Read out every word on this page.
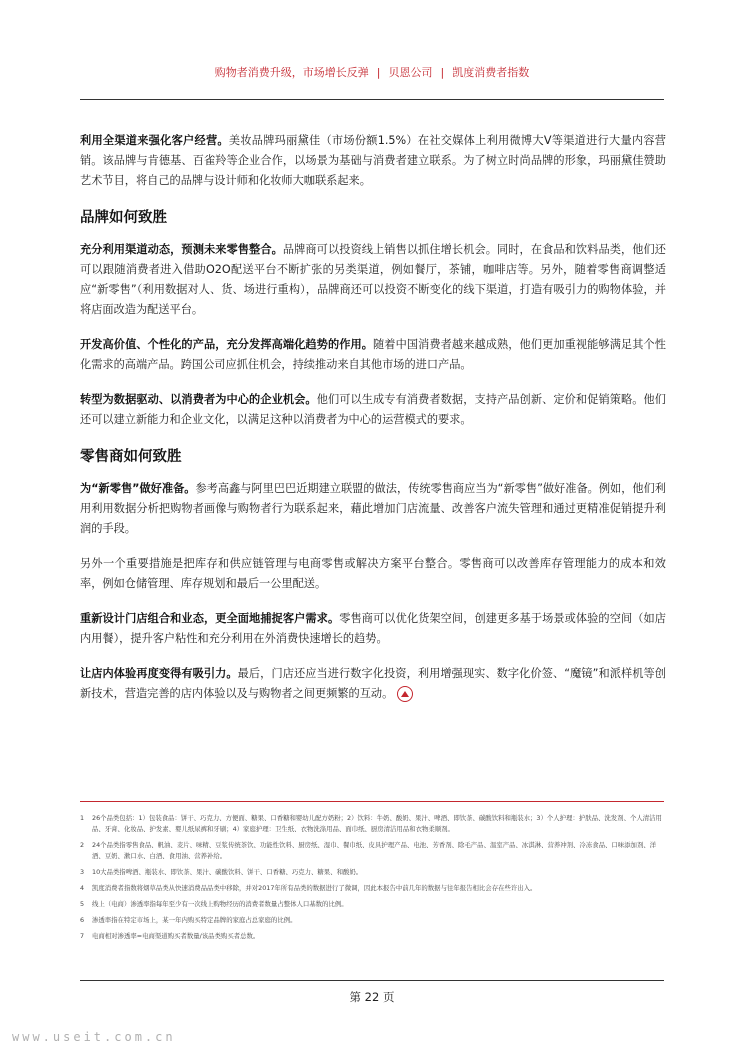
购物者消费升级，市场增长反弹 | 贝恩公司 | 凯度消费者指数

利用全渠道来强化客户经营。美妆品牌玛丽黛佳（市场份额1.5%）在社交媒体上利用微博大V等渠道进行大量内容营销。该品牌与肯德基、百雀羚等企业合作，以场景为基础与消费者建立联系。为了树立时尚品牌的形象，玛丽黛佳赞助艺术节目，将自己的品牌与设计师和化妆师大咖联系起来。

品牌如何致胜

充分利用渠道动态，预测未来零售整合。品牌商可以投资线上销售以抓住增长机会。同时，在食品和饮料品类，他们还可以跟随消费者进入借助O2O配送平台不断扩张的另类渠道，例如餐厅，茶铺，咖啡店等。另外，随着零售商调整适应“新零售”（利用数据对人、货、场进行重构），品牌商还可以投资不断变化的线下渠道，打造有吸引力的购物体验，并将店面改造为配送平台。

开发高价值、个性化的产品，充分发挥高端化趋势的作用。随着中国消费者越来越成熟，他们更加重视能够满足其个性化需求的高端产品。跨国公司应抓住机会，持续推动来自其他市场的进口产品。

转型为数据驱动、以消费者为中心的企业机会。他们可以生成专有消费者数据，支持产品创新、定价和促销策略。他们还可以建立新能力和企业文化，以满足这种以消费者为中心的运营模式的要求。

零售商如何致胜

为“新零售”做好准备。参考高鑫与阿里巴巴近期建立联盟的做法，传统零售商应当为“新零售”做好准备。例如，他们利用利用数据分析把购物者画像与购物者行为联系起来，藉此增加门店流量、改善客户流失管理和通过更精准促销提升利润的手段。

另外一个重要措施是把库存和供应链管理与电商零售或解决方案平台整合。零售商可以改善库存管理能力的成本和效率，例如仓储管理、库存规划和最后一公里配送。

重新设计门店组合和业态，更全面地捕捉客户需求。零售商可以优化货架空间，创建更多基于场景或体验的空间（如店内用餐），提升客户粘性和充分利用在外消费快速增长的趋势。

让店内体验再度变得有吸引力。最后，门店还应当进行数字化投资，利用增强现实、数字化价签、“魔镜”和派样机等创新技术，营造完善的店内体验以及与购物者之间更频繁的互动。

1	26个品类包括：1）包装食品：饼干、巧克力、方便面、糖果、口香糖和婴幼儿配方奶粉；2）饮料：牛奶、酸奶、果汁、啤酒、即饮茶、碳酸饮料和瓶装水；3）个人护理：护肤品、洗发剂、个人清洁用品、牙膏、化妆品、护发素、婴儿纸尿裤和牙刷；4）家庭护理：卫生纸、衣物洗涤用品、面巾纸、厨房清洁用品和衣物柔顺剂。
2	24个品类指零售食品、帆油、麦片、味精、豆浆传统茶饮、功能性饮料、厨房纸、湿巾、餐巾纸、皮具护理产品、电池、芳香剂、除毛产品、温室产品、冰淇淋、营养冲剂、冷冻食品、口味添加剂、洋酒、豆奶、漱口水、白酒、食用油、营养补给。
3	10大品类指啤酒、瓶装水、即饮茶、果汁、碳酸饮料、饼干、口香糖、巧克力、糖果、和酸奶。
4	凯度消费者指数将烟草品类从快速消费品品类中移除，并对2017年所有品类的数据进行了微调，因此本报告中前几年的数据与往年报告相比会存在些许出入。
5	线上（电商）渗透率指每年至少有一次线上购物经历的消费者数量占整体人口基数的比例。
6	渗透率指在特定市场上，某一年内购买特定品牌的家庭占总家庭的比例。
7	电商相对渗透率=电商渠道购买者数量/该品类购买者总数。
第 22 页
www.useit.com.cn
